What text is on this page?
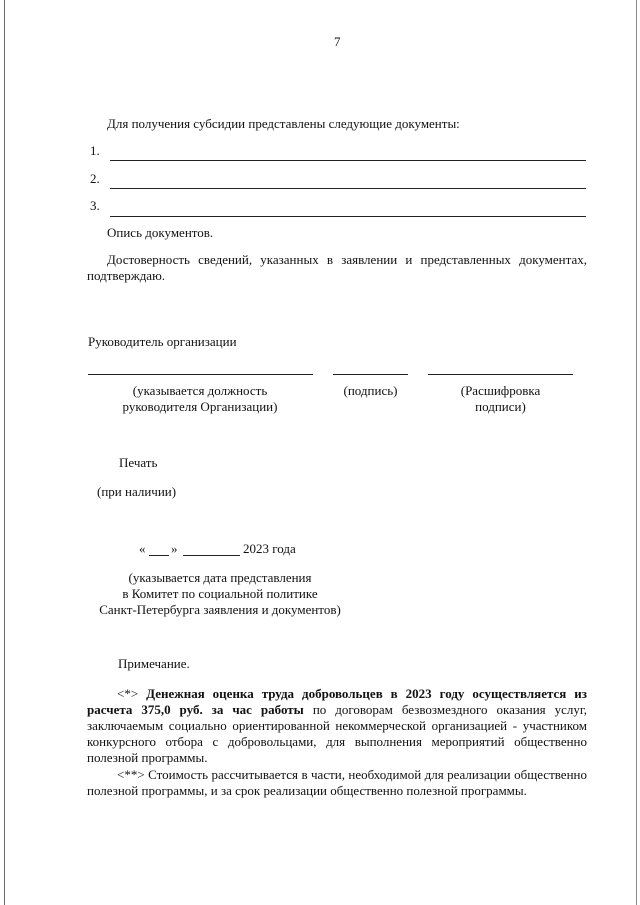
7
Для получения субсидии представлены следующие документы:
1.
2.
3.
Опись документов.
Достоверность сведений, указанных в заявлении и представленных документах, подтверждаю.
Руководитель организации
(указывается должность
руководителя Организации)
(подпись)	(Расшифровка
подписи)
Печать
(при наличии)
« »	2023 года
(указывается дата представления
в Комитет по социальной политике
Санкт-Петербурга заявления и документов)
Примечание.
<*> Денежная оценка труда добровольцев в 2023 году осуществляется из расчета 375,0 руб. за час работы по договорам безвозмездного оказания услуг, заключаемым социально ориентированной некоммерческой организацией - участником конкурсного отбора с добровольцами, для выполнения мероприятий общественно полезной программы.
<**> Стоимость рассчитывается в части, необходимой для реализации общественно полезной программы, и за срок реализации общественно полезной программы.
